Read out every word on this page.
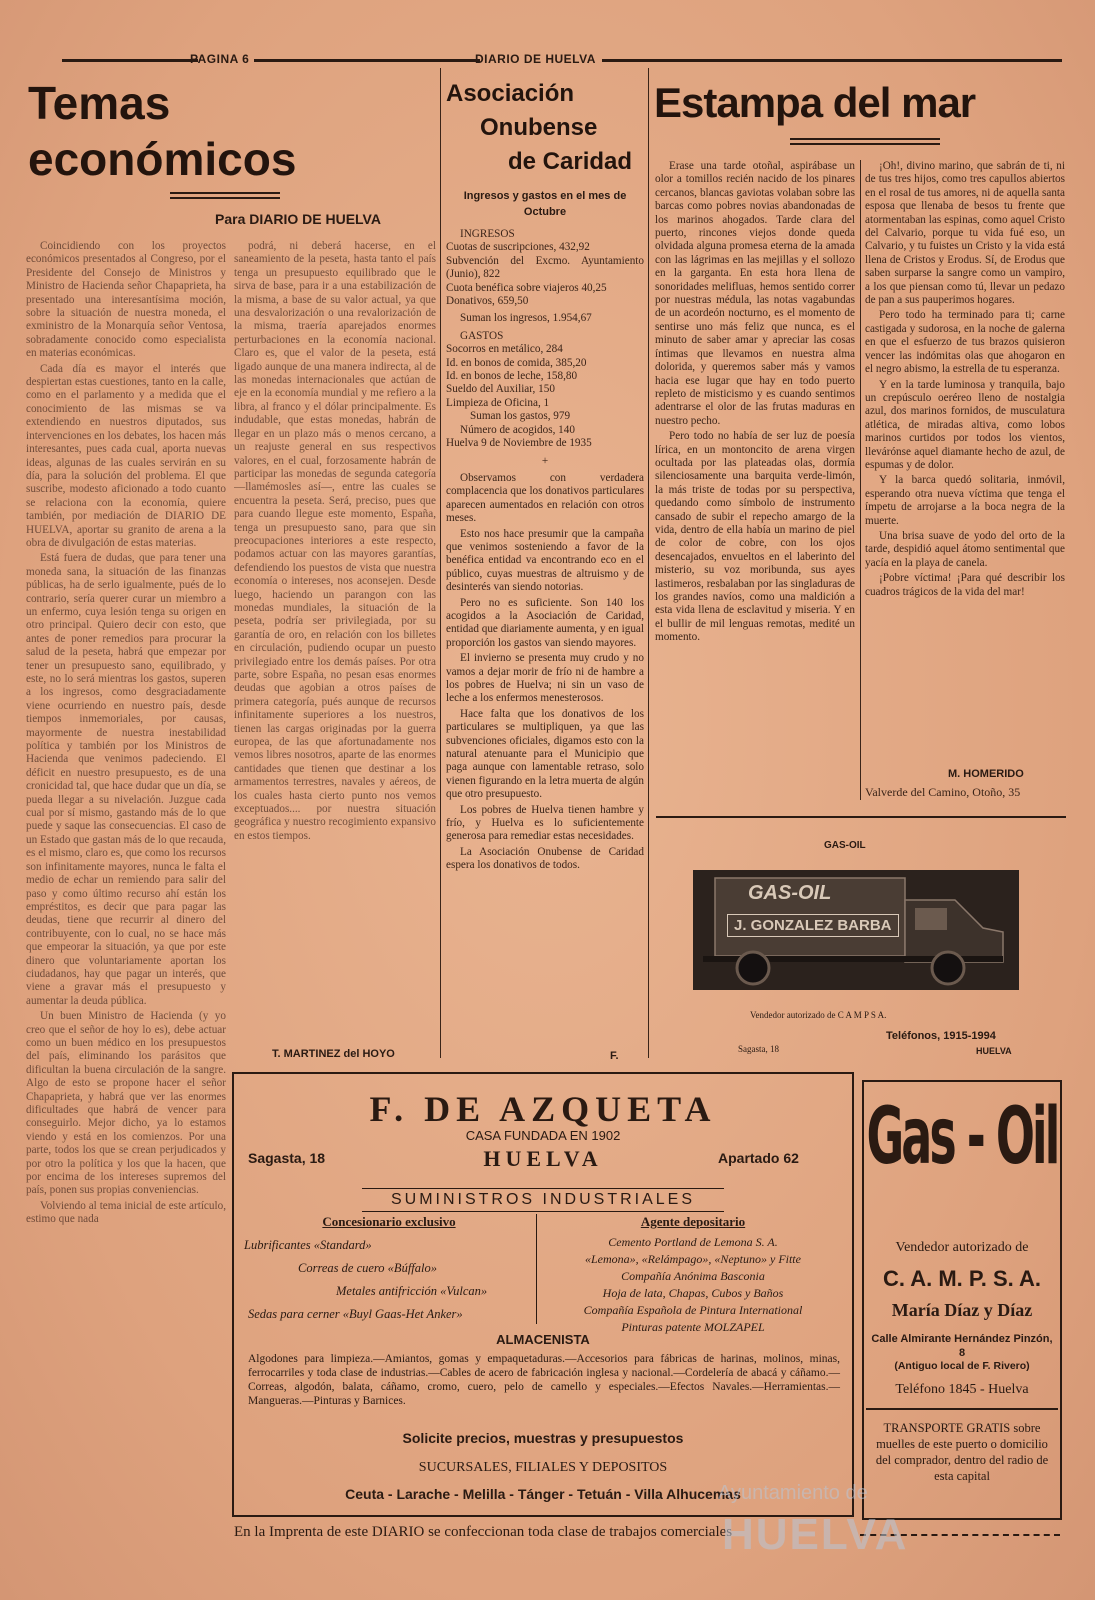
PAGINA 6	DIARIO DE HUELVA
Temas
económicos
Para DIARIO DE HUELVA

Coincidiendo con los proyectos económicos presentados al Congreso, por el Presidente del Consejo de Ministros y Ministro de Hacienda señor Chapaprieta, ha presentado una interesantísima moción, sobre la situación de nuestra moneda, el exministro de la Monarquía señor Ventosa, sobradamente conocido como especialista en materias económicas.

Cada día es mayor el interés que despiertan estas cuestiones, tanto en la calle, como en el parlamento y a medida que el conocimiento de las mismas se va extendiendo en nuestros diputados, sus intervenciones en los debates, los hacen más interesantes, pues cada cual, aporta nuevas ideas, algunas de las cuales servirán en su día, para la solución del problema. El que suscribe, modesto aficionado a todo cuanto se relaciona con la economía, quiere también, por mediación de DIARIO DE HUELVA, aportar su granito de arena a la obra de divulgación de estas materias.

Está fuera de dudas, que para tener una moneda sana, la situación de las finanzas públicas, ha de serlo igualmente, pués de lo contrario, sería querer curar un miembro a un enfermo, cuya lesión tenga su origen en otro principal. Quiero decir con esto, que antes de poner remedios para procurar la salud de la peseta, habrá que empezar por tener un presupuesto sano, equilibrado, y este, no lo será mientras los gastos, superen a los ingresos, como desgraciadamente viene ocurriendo en nuestro país, desde tiempos inmemoriales, por causas, mayormente de nuestra inestabilidad política y también por los Ministros de Hacienda que venimos padeciendo. El déficit en nuestro presupuesto, es de una cronicidad tal, que hace dudar que un día, se pueda llegar a su nivelación. Juzgue cada cual por sí mismo, gastando más de lo que puede y saque las consecuencias. El caso de un Estado que gastan más de lo que recauda, es el mismo, claro es, que como los recursos son infinitamente mayores, nunca le falta el medio de echar un remiendo para salir del paso y como último recurso ahí están los empréstitos, es decir que para pagar las deudas, tiene que recurrir al dinero del contribuyente, con lo cual, no se hace más que empeorar la situación, ya que por este dinero que voluntariamente aportan los ciudadanos, hay que pagar un interés, que viene a gravar más el presupuesto y aumentar la deuda pública.

Un buen Ministro de Hacienda (y yo creo que el señor de hoy lo es), debe actuar como un buen médico en los presupuestos del país, eliminando los parásitos que dificultan la buena circulación de la sangre. Algo de esto se propone hacer el señor Chapaprieta, y habrá que ver las enormes dificultades que habrá de vencer para conseguirlo. Mejor dicho, ya lo estamos viendo y está en los comienzos. Por una parte, todos los que se crean perjudicados y por otro la política y los que la hacen, que por encima de los intereses supremos del país, ponen sus propias conveniencias.

Volviendo al tema inicial de este artículo, estimo que nada

podrá, ni deberá hacerse, en el saneamiento de la peseta, hasta tanto el país tenga un presupuesto equilibrado que le sirva de base, para ir a una estabilización de la misma, a base de su valor actual, ya que una desvalorización o una revalorización de la misma, traería aparejados enormes perturbaciones en la economía nacional. Claro es, que el valor de la peseta, está ligado aunque de una manera indirecta, al de las monedas internacionales que actúan de eje en la economía mundial y me refiero a la libra, al franco y el dólar principalmente. Es indudable, que estas monedas, habrán de llegar en un plazo más o menos cercano, a un reajuste general en sus respectivos valores, en el cual, forzosamente habrán de participar las monedas de segunda categoría —llamémosles así—, entre las cuales se encuentra la peseta. Será, preciso, pues que para cuando llegue este momento, España, tenga un presupuesto sano, para que sin preocupaciones interiores a este respecto, podamos actuar con las mayores garantías, defendiendo los puestos de vista que nuestra economía o intereses, nos aconsejen. Desde luego, haciendo un parangon con las monedas mundiales, la situación de la peseta, podría ser privilegiada, por su garantía de oro, en relación con los billetes en circulación, pudiendo ocupar un puesto privilegiado entre los demás países. Por otra parte, sobre España, no pesan esas enormes deudas que agobian a otros países de primera categoría, pués aunque de recursos infinitamente superiores a los nuestros, tienen las cargas originadas por la guerra europea, de las que afortunadamente nos vemos libres nosotros, aparte de las enormes cantidades que tienen que destinar a los armamentos terrestres, navales y aéreos, de los cuales hasta cierto punto nos vemos exceptuados.... por nuestra situación geográfica y nuestro recogimiento expansivo en estos tiempos.

T. MARTINEZ del HOYO
Asociación
Onubense
de Caridad
Ingresos y gastos en el mes de Octubre
INGRESOS
Cuotas de suscripciones, 432,92
Subvención del Excmo. Ayuntamiento (Junio), 822
Cuota benéfica sobre viajeros 40,25
Donativos, 659,50
Suman los ingresos, 1.954,67
GASTOS
Socorros en metálico, 284
Id. en bonos de comida, 385,20
Id. en bonos de leche, 158,80
Sueldo del Auxiliar, 150
Limpieza de Oficina, 1
Suman los gastos, 979
Número de acogidos, 140
Huelva 9 de Noviembre de 1935
+

Observamos con verdadera complacencia que los donativos particulares aparecen aumentados en relación con otros meses.

Esto nos hace presumir que la campaña que venimos sosteniendo a favor de la benéfica entidad va encontrando eco en el público, cuyas muestras de altruismo y de desinterés van siendo notorias.

Pero no es suficiente. Son 140 los acogidos a la Asociación de Caridad, entidad que diariamente aumenta, y en igual proporción los gastos van siendo mayores.

El invierno se presenta muy crudo y no vamos a dejar morir de frío ni de hambre a los pobres de Huelva; ni sin un vaso de leche a los enfermos menesterosos.

Hace falta que los donativos de los particulares se multipliquen, ya que las subvenciones oficiales, digamos esto con la natural atenuante para el Municipio que paga aunque con lamentable retraso, solo vienen figurando en la letra muerta de algún que otro presupuesto.

Los pobres de Huelva tienen hambre y frío, y Huelva es lo suficientemente generosa para remediar estas necesidades.

La Asociación Onubense de Caridad espera los donativos de todos.

F.
Estampa del mar

Erase una tarde otoñal, aspirábase un olor a tomillos recién nacido de los pinares cercanos, blancas gaviotas volaban sobre las barcas como pobres novias abandonadas de los marinos ahogados. Tarde clara del puerto, rincones viejos donde queda olvidada alguna promesa eterna de la amada con las lágrimas en las mejillas y el sollozo en la garganta. En esta hora llena de sonoridades melifluas, hemos sentido correr por nuestras médula, las notas vagabundas de un acordeón nocturno, es el momento de sentirse uno más feliz que nunca, es el minuto de saber amar y apreciar las cosas íntimas que llevamos en nuestra alma dolorida, y queremos saber más y vamos hacia ese lugar que hay en todo puerto repleto de misticismo y es cuando sentimos adentrarse el olor de las frutas maduras en nuestro pecho.

Pero todo no había de ser luz de poesía lírica, en un montoncito de arena virgen ocultada por las plateadas olas, dormía silenciosamente una barquita verde-limón, la más triste de todas por su perspectiva, quedando como símbolo de instrumento cansado de subir el repecho amargo de la vida, dentro de ella había un marino de piel de color de cobre, con los ojos desencajados, envueltos en el laberinto del misterio, su voz moribunda, sus ayes lastimeros, resbalaban por las singladuras de los grandes navíos, como una maldición a esta vida llena de esclavitud y miseria. Y en el bullir de mil lenguas remotas, medité un momento.

¡Oh!, divino marino, que sabrán de ti, ni de tus tres hijos, como tres capullos abiertos en el rosal de tus amores, ni de aquella santa esposa que llenaba de besos tu frente que atormentaban las espinas, como aquel Cristo del Calvario, porque tu vida fué eso, un Calvario, y tu fuistes un Cristo y la vida está llena de Cristos y Erodus. Sí, de Erodus que saben surparse la sangre como un vampiro, a los que piensan como tú, llevar un pedazo de pan a sus pauperimos hogares.

Pero todo ha terminado para ti; carne castigada y sudorosa, en la noche de galerna en que el esfuerzo de tus brazos quisieron vencer las indómitas olas que ahogaron en el negro abismo, la estrella de tu esperanza.

Y en la tarde luminosa y tranquila, bajo un crepúsculo oeréreo lleno de nostalgia azul, dos marinos fornidos, de musculatura atlética, de miradas altiva, como lobos marinos curtidos por todos los vientos, llevárónse aquel diamante hecho de azul, de espumas y de dolor.

Y la barca quedó solitaria, inmóvil, esperando otra nueva víctima que tenga el ímpetu de arrojarse a la boca negra de la muerte.

Una brisa suave de yodo del orto de la tarde, despidió aquel átomo sentimental que yacía en la playa de canela.

¡Pobre víctima! ¡Para qué describir los cuadros trágicos de la vida del mar!

M. HOMERIDO
Valverde del Camino, Otoño, 35
GAS-OIL
GAS-OIL
J. GONZALEZ BARBA
Vendedor autorizado de C A M P S A.
Sagasta, 18
Teléfonos, 1915-1994
HUELVA
F. DE AZQUETA
CASA FUNDADA EN 1902
Sagasta, 18	HUELVA	Apartado 62
SUMINISTROS INDUSTRIALES
Concesionario exclusivo
Lubrificantes «Standard»
Correas de cuero «Búffalo»
Metales antifricción «Vulcan»
Sedas para cerner «Buyl Gaas-Het Anker»
Agente depositario
Cemento Portland de Lemona S. A.
«Lemona», «Relámpago», «Neptuno» y Fitte
Compañía Anónima Basconia
Hoja de lata, Chapas, Cubos y Baños
Compañía Española de Pintura International
Pinturas patente MOLZAPEL
ALMACENISTA
Algodones para limpieza.—Amiantos, gomas y empaquetaduras.—Accesorios para fábricas de harinas, molinos, minas, ferrocarriles y toda clase de industrias.—Cables de acero de fabricación inglesa y nacional.—Cordelería de abacá y cáñamo.—Correas, algodón, balata, cáñamo, cromo, cuero, pelo de camello y especiales.—Efectos Navales.—Herramientas.— Mangueras.—Pinturas y Barnices.
Solicite precios, muestras y presupuestos
SUCURSALES, FILIALES Y DEPOSITOS
Ceuta - Larache - Melilla - Tánger - Tetuán - Villa Alhucemas
Gas - Oil
Vendedor autorizado de
C. A. M. P. S. A.
María Díaz y Díaz
Calle Almirante Hernández Pinzón, 8
(Antiguo local de F. Rivero)
Teléfono 1845 - Huelva
TRANSPORTE GRATIS sobre muelles de este puerto o domicilio del comprador, dentro del radio de esta capital
En la Imprenta de este DIARIO se confeccionan toda clase de trabajos comerciales
Ayuntamiento de
HUELVA
